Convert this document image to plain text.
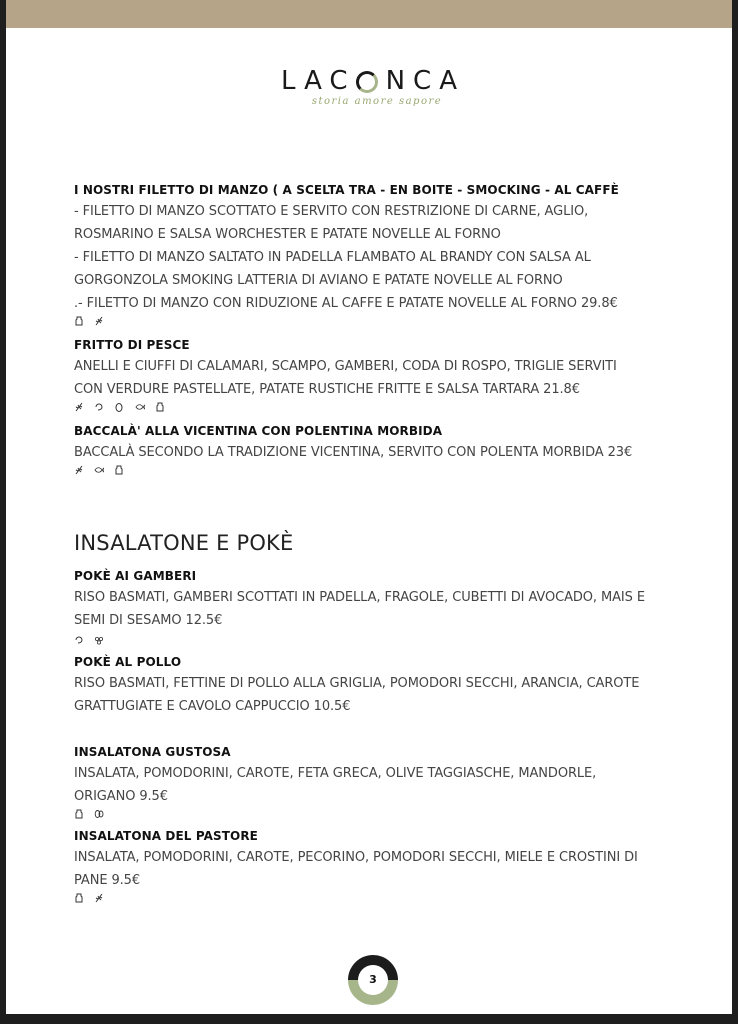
LAC NCA
storia amore sapore

I NOSTRI FILETTO DI MANZO ( A SCELTA TRA - EN BOITE - SMOCKING - AL CAFFÈ

- FILETTO DI MANZO SCOTTATO E SERVITO CON RESTRIZIONE DI CARNE, AGLIO,

ROSMARINO E SALSA WORCHESTER E PATATE NOVELLE AL FORNO

- FILETTO DI MANZO SALTATO IN PADELLA FLAMBATO AL BRANDY CON SALSA AL

GORGONZOLA SMOKING LATTERIA DI AVIANO E PATATE NOVELLE AL FORNO

.- FILETTO DI MANZO CON RIDUZIONE AL CAFFE E PATATE NOVELLE AL FORNO 29.8€

FRITTO DI PESCE

ANELLI E CIUFFI DI CALAMARI, SCAMPO, GAMBERI, CODA DI ROSPO, TRIGLIE SERVITI

CON VERDURE PASTELLATE, PATATE RUSTICHE FRITTE E SALSA TARTARA 21.8€

BACCALÀ' ALLA VICENTINA CON POLENTINA MORBIDA

BACCALÀ SECONDO LA TRADIZIONE VICENTINA, SERVITO CON POLENTA MORBIDA 23€

INSALATONE E POKÈ

POKÈ AI GAMBERI

RISO BASMATI, GAMBERI SCOTTATI IN PADELLA, FRAGOLE, CUBETTI DI AVOCADO, MAIS E

SEMI DI SESAMO 12.5€

POKÈ AL POLLO

RISO BASMATI, FETTINE DI POLLO ALLA GRIGLIA, POMODORI SECCHI, ARANCIA, CAROTE

GRATTUGIATE E CAVOLO CAPPUCCIO 10.5€

INSALATONA GUSTOSA

INSALATA, POMODORINI, CAROTE, FETA GRECA, OLIVE TAGGIASCHE, MANDORLE,

ORIGANO 9.5€

INSALATONA DEL PASTORE

INSALATA, POMODORINI, CAROTE, PECORINO, POMODORI SECCHI, MIELE E CROSTINI DI

PANE 9.5€

3
